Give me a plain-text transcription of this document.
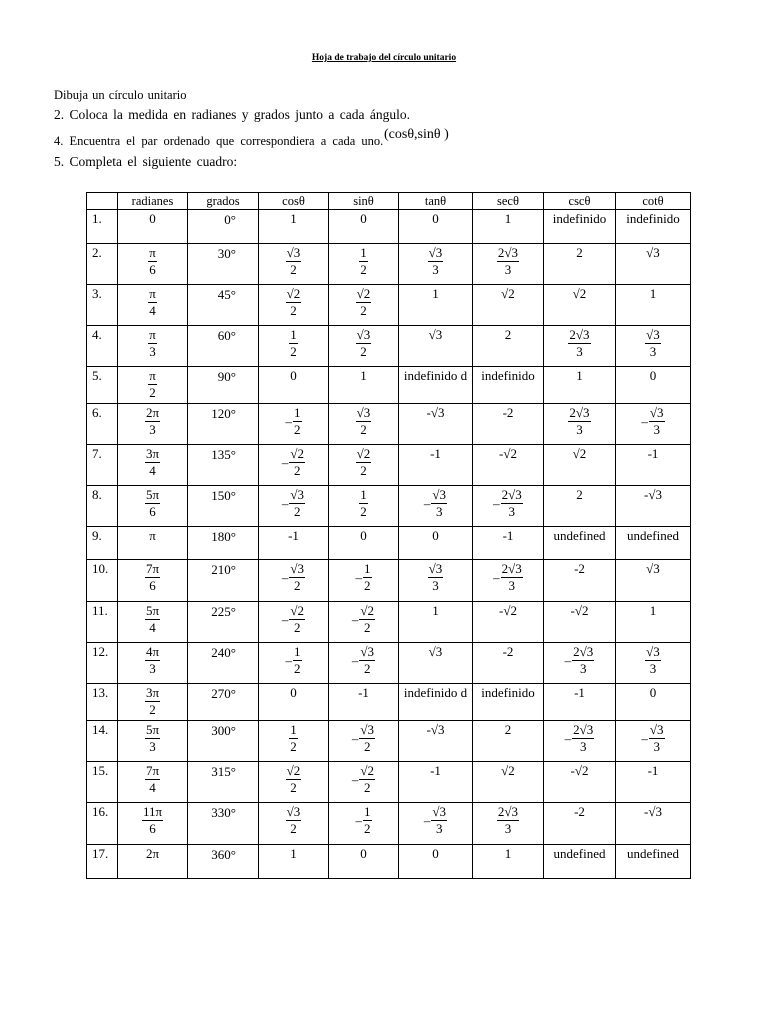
Hoja de trabajo del círculo unitario
Dibuja un círculo unitario
2. Coloca la medida en radianes y grados junto a cada ángulo.
4. Encuentra el par ordenado que correspondiera a cada uno. (cosθ,sinθ )
5. Completa el siguiente cuadro:
	radianes	grados	cosθ	sinθ	tanθ	secθ	cscθ	cotθ
1.	0	0°	1	0	0	1	indefinido	indefinido
2.	$\frac{\pi}{6}$	30°	$\frac{√3}{2}$	$\frac{1}{2}$	$\frac{√3}{3}$	$\frac{2√3}{3}$	2	√3
3.	$\frac{\pi}{4}$	45°	$\frac{√2}{2}$	$\frac{√2}{2}$	1	√2	√2	1
4.	$\frac{\pi}{3}$	60°	$\frac{1}{2}$	$\frac{√3}{2}$	√3	2	$\frac{2√3}{3}$	$\frac{√3}{3}$

5.	$\frac{\pi}{2}$	90°	0	1	indefinido d	indefinido	1	0
6.	$\frac{2\pi}{3}$	120°	– $\frac{1}{2}$	$\frac{√3}{2}$	-√3	-2	$\frac{2√3}{3}$	– $\frac{√3}{3}$

7.	$\frac{3\pi}{4}$	135°	– $\frac{√2}{2}$	$\frac{√2}{2}$	-1	-√2	√2	-1
8.	$\frac{5\pi}{6}$	150°	– $\frac{√3}{2}$	$\frac{1}{2}$	– $\frac{√3}{3}$	– $\frac{2√3}{3}$	2	-√3
9.	π	180°	-1	0	0	-1	undefined	undefined
10.	$\frac{7\pi}{6}$	210°	– $\frac{√3}{2}$	– $\frac{1}{2}$	$\frac{√3}{3}$	– $\frac{2√3}{3}$	-2	√3
11.	$\frac{5\pi}{4}$	225°	– $\frac{√2}{2}$	– $\frac{√2}{2}$	1	-√2	-√2	1
12.	$\frac{4\pi}{3}$	240°	– $\frac{1}{2}$	– $\frac{√3}{2}$	√3	-2	– $\frac{2√3}{3}$	$\frac{√3}{3}$

13.	$\frac{3\pi}{2}$	270°	0	-1	indefinido d	indefinido	-1	0
14.	$\frac{5\pi}{3}$	300°	$\frac{1}{2}$	– $\frac{√3}{2}$	-√3	2	– $\frac{2√3}{3}$	– $\frac{√3}{3}$

15.	$\frac{7\pi}{4}$	315°	$\frac{√2}{2}$	– $\frac{√2}{2}$	-1	√2	-√2	-1
16.	$\frac{11\pi}{6}$	330°	$\frac{√3}{2}$	– $\frac{1}{2}$	– $\frac{√3}{3}$	$\frac{2√3}{3}$	-2	-√3
17.	2π	360°	1	0	0	1	undefined	undefined
